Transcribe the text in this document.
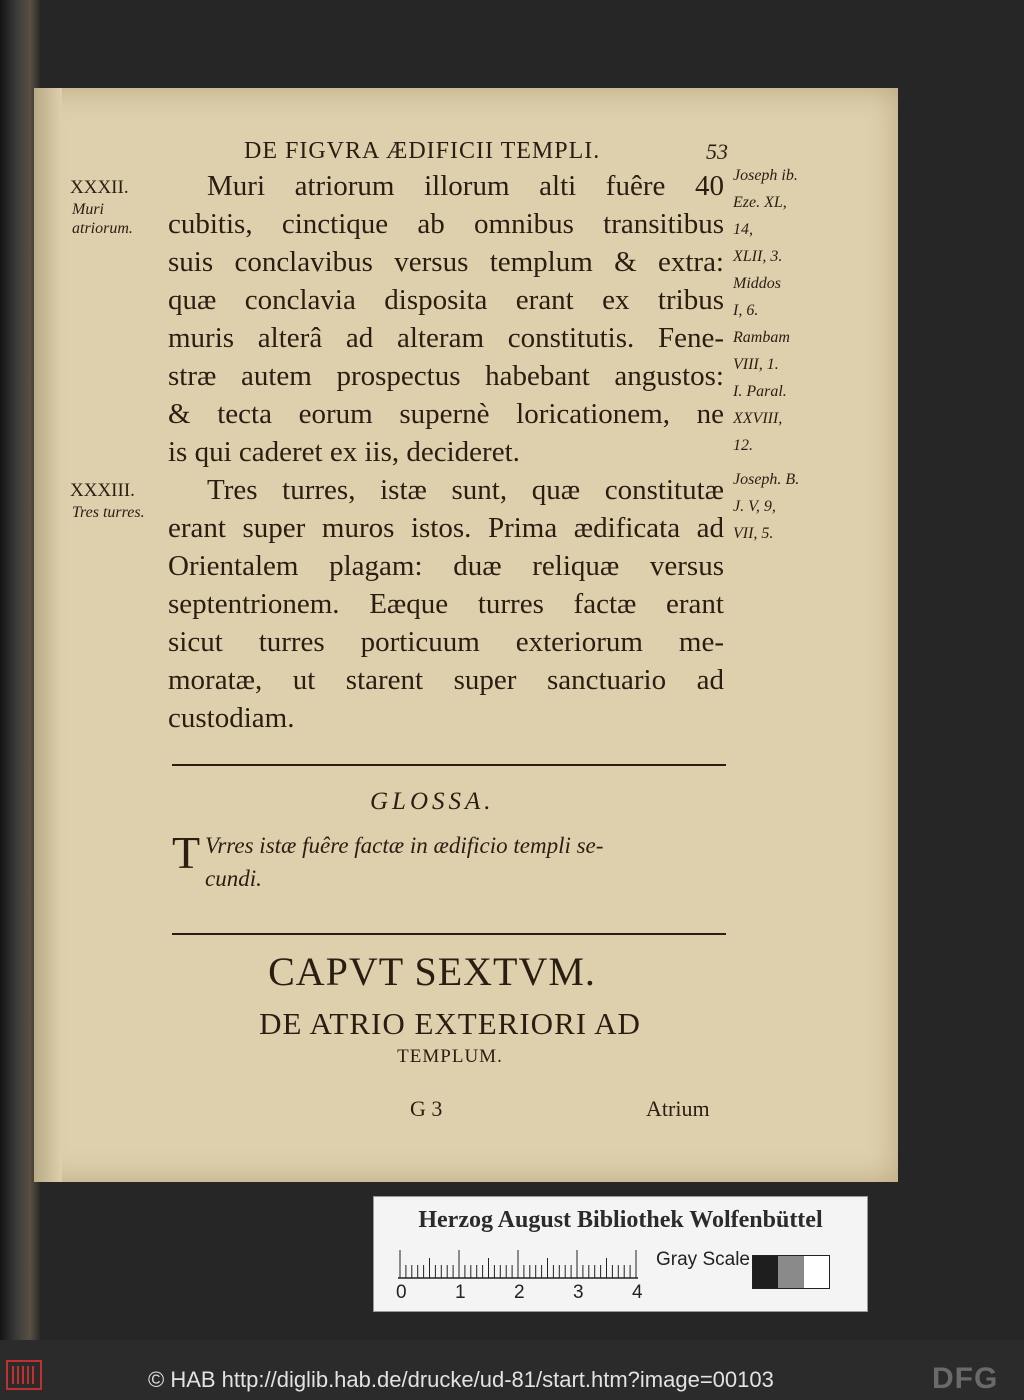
DE FIGVRA ÆDIFICII TEMPLI.	53
XXXII.
Muri atriorum.
Muri atriorum illorum alti fuêre 40
cubitis, cinctique ab omnibus transitibus
suis conclavibus versus templum & extra:
quæ conclavia disposita erant ex tribus
muris alterâ ad alteram constitutis. Fene-
stræ autem prospectus habebant angustos:
& tecta eorum supernè loricationem, ne
is qui caderet ex iis, decideret.
XXXIII.
Tres turres.
Tres turres, istæ sunt, quæ constitutæ
erant super muros istos. Prima ædificata ad
Orientalem plagam: duæ reliquæ versus
septentrionem. Eæque turres factæ erant
sicut turres porticuum exteriorum me-
moratæ, ut starent super sanctuario ad
custodiam.
Joseph ib.
Eze. XL,
14,
XLII, 3.
Middos
I, 6.
Rambam
VIII, 1.
I. Paral.
XXVIII,
12.
Joseph. B.
J. V, 9,
VII, 5.
GLOSSA.
T Vrres istæ fuêre factæ in ædificio templi se-
cundi.
CAPVT SEXTVM.
DE ATRIO EXTERIORI AD
TEMPLUM.
G 3	Atrium
Herzog August Bibliothek Wolfenbüttel
0	1	2	3	4
Gray Scale
© HAB http://diglib.hab.de/drucke/ud-81/start.htm?image=00103	DFG
